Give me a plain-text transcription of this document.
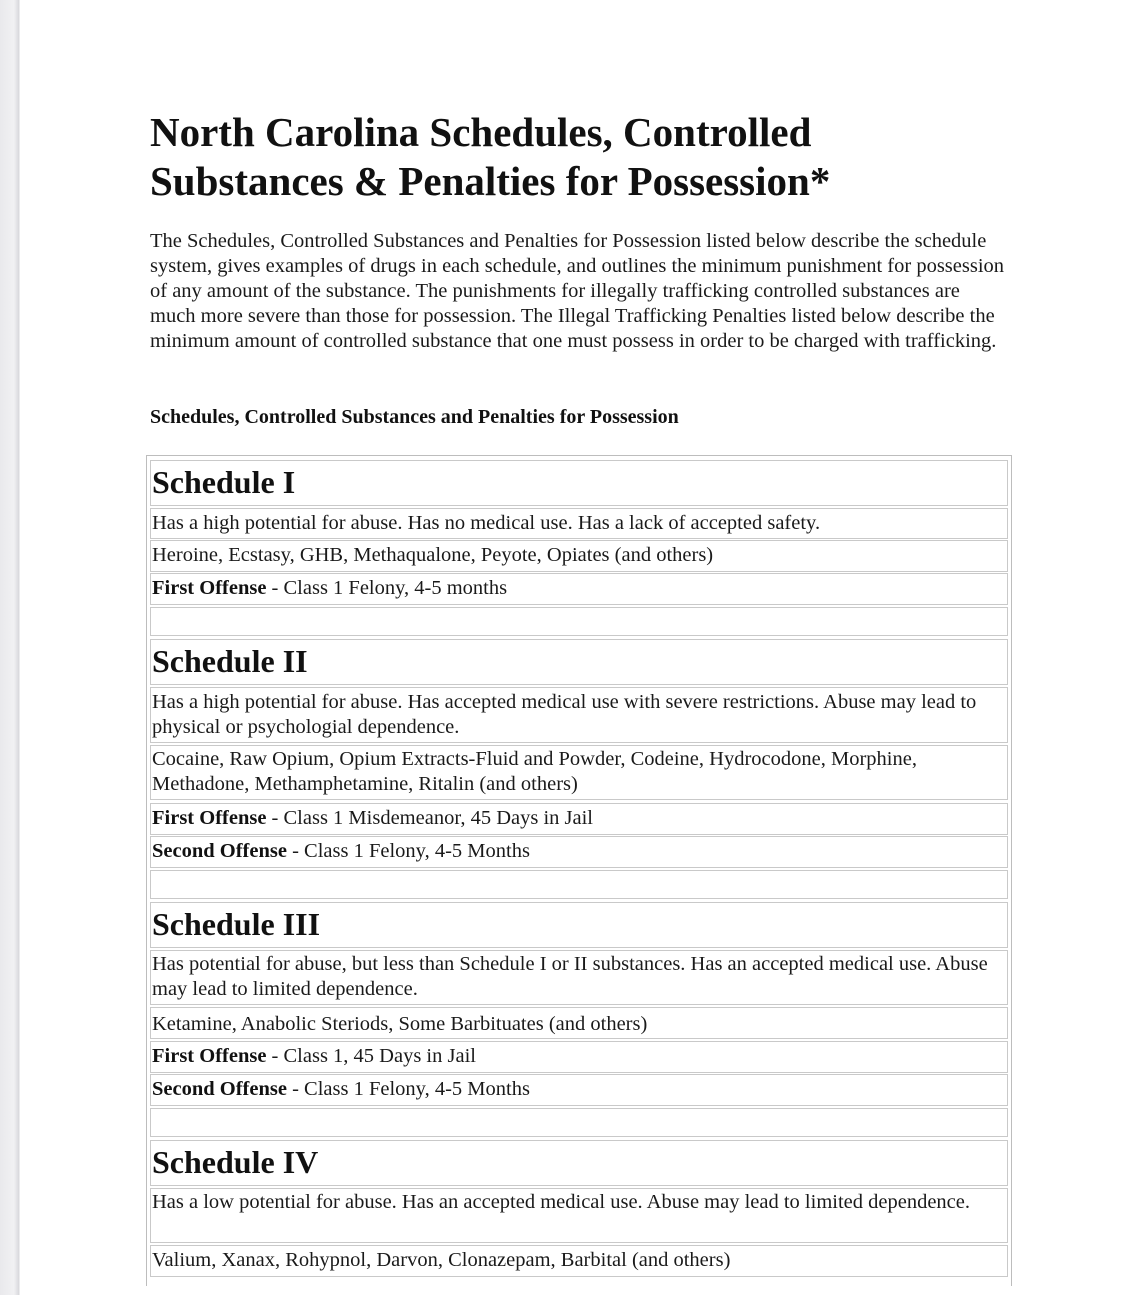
North Carolina Schedules, Controlled Substances & Penalties for Possession*

The Schedules, Controlled Substances and Penalties for Possession listed below describe the schedule system, gives examples of drugs in each schedule, and outlines the minimum punishment for possession of any amount of the substance. The punishments for illegally trafficking controlled substances are much more severe than those for possession. The Illegal Trafficking Penalties listed below describe the minimum amount of controlled substance that one must possess in order to be charged with trafficking.

Schedules, Controlled Substances and Penalties for Possession

Schedule I
Has a high potential for abuse. Has no medical use. Has a lack of accepted safety.
Heroine, Ecstasy, GHB, Methaqualone, Peyote, Opiates (and others)
First Offense - Class 1 Felony, 4-5 months
Schedule II
Has a high potential for abuse. Has accepted medical use with severe restrictions. Abuse may lead to physical or psychologial dependence.
Cocaine, Raw Opium, Opium Extracts-Fluid and Powder, Codeine, Hydrocodone, Morphine, Methadone, Methamphetamine, Ritalin (and others)
First Offense - Class 1 Misdemeanor, 45 Days in Jail
Second Offense - Class 1 Felony, 4-5 Months
Schedule III
Has potential for abuse, but less than Schedule I or II substances. Has an accepted medical use. Abuse may lead to limited dependence.
Ketamine, Anabolic Steriods, Some Barbituates (and others)
First Offense - Class 1, 45 Days in Jail
Second Offense - Class 1 Felony, 4-5 Months
Schedule IV
Has a low potential for abuse. Has an accepted medical use. Abuse may lead to limited dependence.
Valium, Xanax, Rohypnol, Darvon, Clonazepam, Barbital (and others)
